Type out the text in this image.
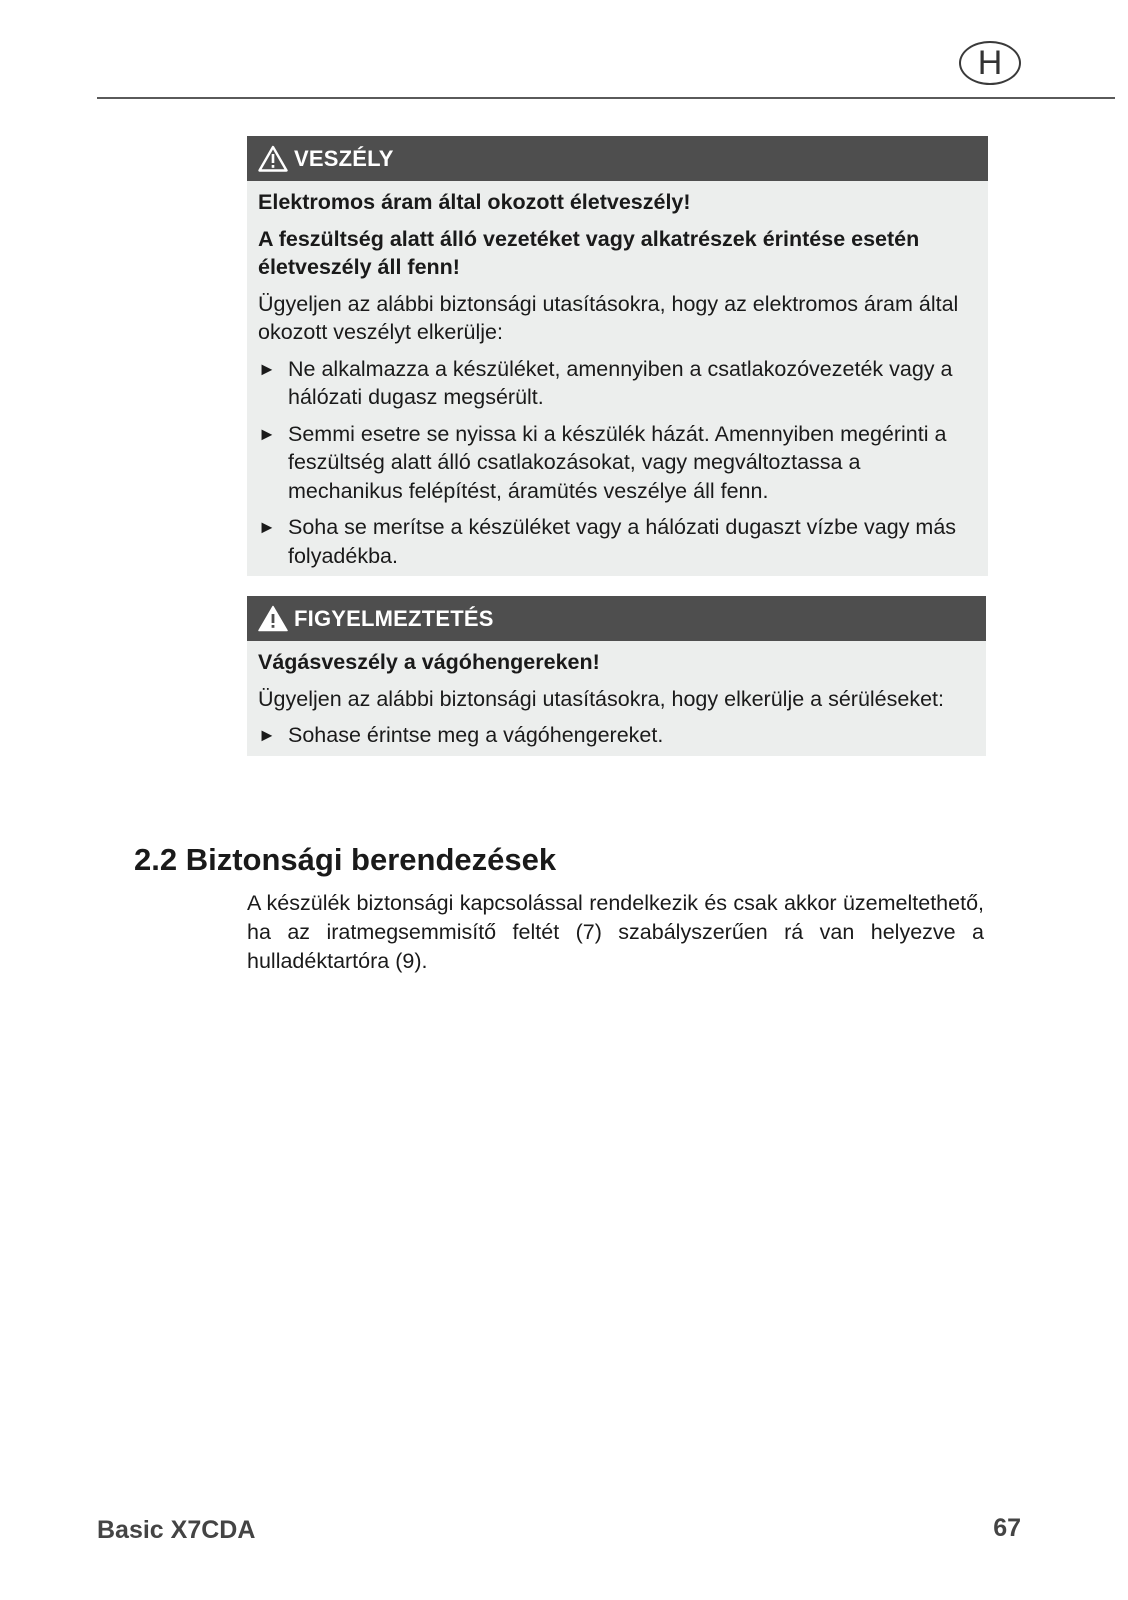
H
VESZÉLY

Elektromos áram által okozott életveszély!

A feszültség alatt álló vezetéket vagy alkatrészek érintése esetén életveszély áll fenn!

Ügyeljen az alábbi biztonsági utasításokra, hogy az elektromos áram által okozott veszélyt elkerülje:

► Ne alkalmazza a készüléket, amennyiben a csatlakozóvezeték vagy a hálózati dugasz megsérült.
► Semmi esetre se nyissa ki a készülék házát. Amennyiben megérinti a feszültség alatt álló csatlakozásokat, vagy megváltoztassa a mechanikus felépítést, áramütés veszélye áll fenn.
► Soha se merítse a készüléket vagy a hálózati dugaszt vízbe vagy más folyadékba.
FIGYELMEZTETÉS

Vágásveszély a vágóhengereken!

Ügyeljen az alábbi biztonsági utasításokra, hogy elkerülje a sérüléseket:

► Sohase érintse meg a vágóhengereket.
2.2 Biztonsági berendezések

A készülék biztonsági kapcsolással rendelkezik és csak akkor üzemeltethető, ha az iratmegsemmisítő feltét (7) szabályszerűen rá van helyezve a hulladéktartóra (9).

Basic X7CDA	67
